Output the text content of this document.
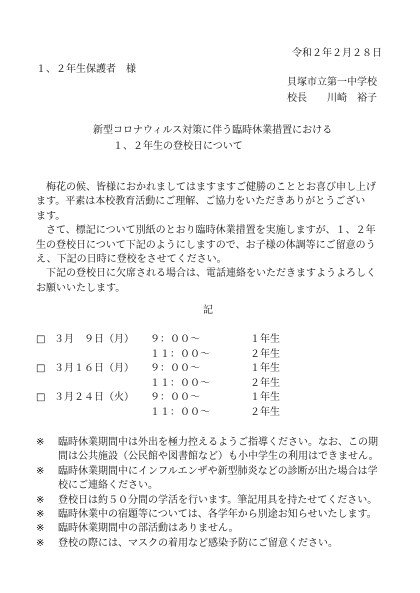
令和２年２月２８日
１、２年生保護者　様
貝塚市立第一中学校
校長　　川崎　裕子
新型コロナウィルス対策に伴う臨時休業措置における
１、２年生の登校日について
　梅花の候、皆様におかれましてはますますご健勝のこととお喜び申し上げ
ます。平素は本校教育活動にご理解、ご協力をいただきありがとうござい
ます。
　さて、標記について別紙のとおり臨時休業措置を実施しますが、１、２年
生の登校日について下記のようにしますので、お子様の体調等にご留意のう
え、下記の日時に登校をさせてください。
　下記の登校日に欠席される場合は、電話連絡をいただきますようよろしく
お願いいたします。
記
□ ３月　９日（月） ９：００～	１年生
１１：００～	２年生
□ ３月１６日（月） ９：００～	１年生
１１：００～	２年生
□ ３月２４日（火） ９：００～	１年生
１１：００～	２年生
※ 臨時休業期間中は外出を極力控えるようご指導ください。なお、この期
間は公共施設（公民館や図書館など）も小中学生の利用はできません。
※ 臨時休業期間中にインフルエンザや新型肺炎などの診断が出た場合は学
校にご連絡ください。
※ 登校日は約５０分間の学活を行います。筆記用具を持たせてください。
※ 臨時休業中の宿題等については、各学年から別途お知らせいたします。
※ 臨時休業期間中の部活動はありません。
※ 登校の際には、マスクの着用など感染予防にご留意ください。
